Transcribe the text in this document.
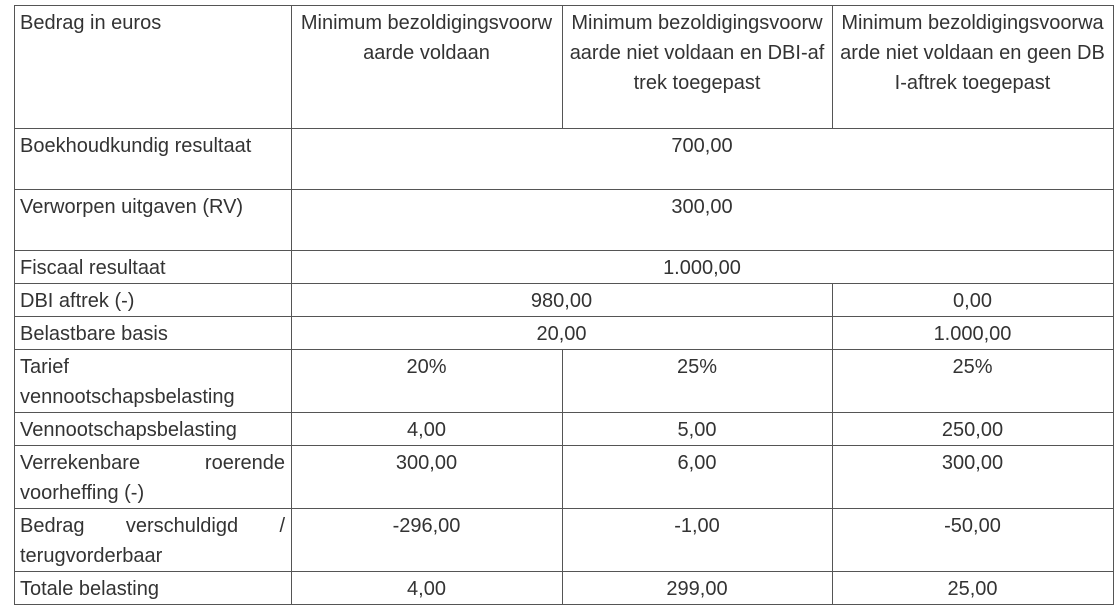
Bedrag in euros	Minimum bezoldigingsvoorwaarde voldaan	Minimum bezoldigingsvoorwaarde niet voldaan en DBI-aftrek toegepast	Minimum bezoldigingsvoorwaarde niet voldaan en geen DBI-aftrek toegepast
Boekhoudkundig resultaat	700,00		
Verworpen uitgaven (RV)	300,00		
Fiscaal resultaat	1.000,00		
DBI aftrek (-)	980,00		0,00
Belastbare basis	20,00		1.000,00
Tarief vennootschapsbelasting	20%	25%	25%
Vennootschapsbelasting	4,00	5,00	250,00
Verrekenbare roerende voorheffing (-)	300,00	6,00	300,00
Bedrag verschuldigd / terugvorderbaar	-296,00	-1,00	-50,00
Totale belasting	4,00	299,00	25,00
